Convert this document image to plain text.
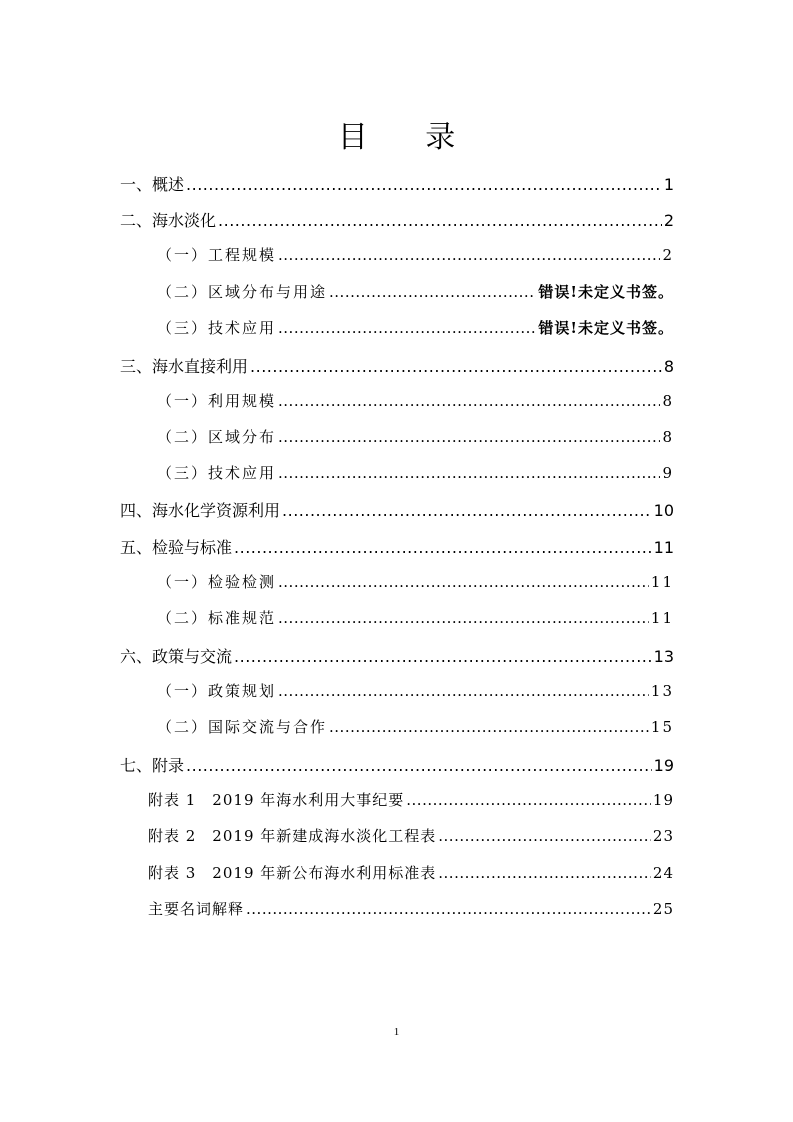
目 录
一、概述 .....	1
二、海水淡化 .....	2
（一）工程规模 .....	2
（二）区域分布与用途 .....	错误!未定义书签。
（三）技术应用 .....	错误!未定义书签。
三、海水直接利用 .....	8
（一）利用规模 .....	8
（二）区域分布 .....	8
（三）技术应用 .....	9
四、海水化学资源利用 .....	10
五、检验与标准 .....	11
（一）检验检测 .....	11
（二）标准规范 .....	11
六、政策与交流 .....	13
（一）政策规划 .....	13
（二）国际交流与合作 .....	15
七、附录 .....	19
附表 1　2019 年海水利用大事纪要 .....	19
附表 2　2019 年新建成海水淡化工程表 .....	23
附表 3　2019 年新公布海水利用标准表 .....	24
主要名词解释 .....	25
1
